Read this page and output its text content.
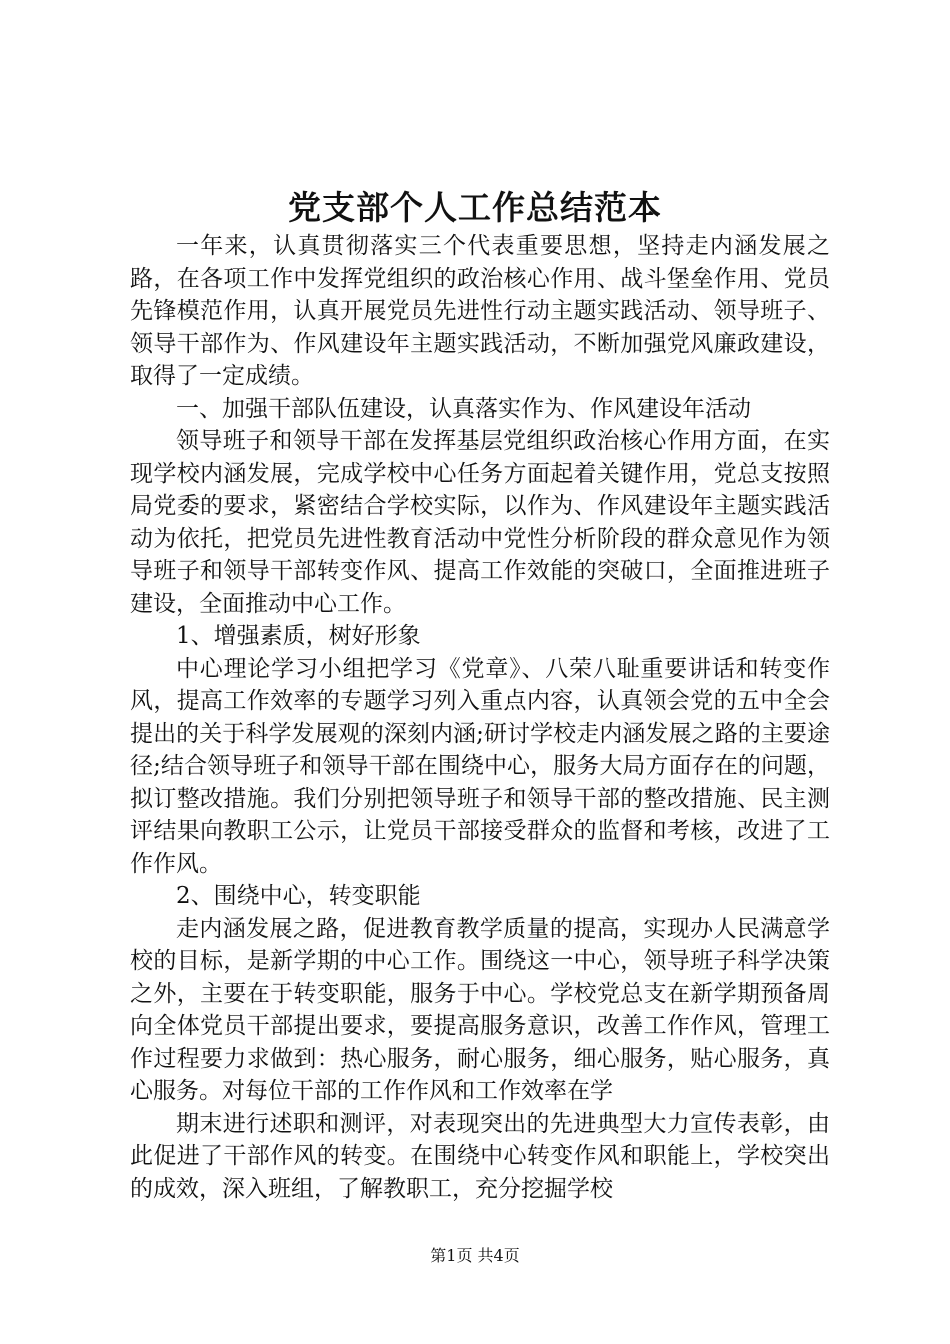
党支部个人工作总结范本

一年来，认真贯彻落实三个代表重要思想，坚持走内涵发展之路，在各项工作中发挥党组织的政治核心作用、战斗堡垒作用、党员先锋模范作用，认真开展党员先进性行动主题实践活动、领导班子、领导干部作为、作风建设年主题实践活动，不断加强党风廉政建设，取得了一定成绩。

一、加强干部队伍建设，认真落实作为、作风建设年活动

领导班子和领导干部在发挥基层党组织政治核心作用方面，在实现学校内涵发展，完成学校中心任务方面起着关键作用，党总支按照局党委的要求，紧密结合学校实际，以作为、作风建设年主题实践活动为依托，把党员先进性教育活动中党性分析阶段的群众意见作为领导班子和领导干部转变作风、提高工作效能的突破口，全面推进班子建设，全面推动中心工作。

1、增强素质，树好形象

中心理论学习小组把学习《党章》、八荣八耻重要讲话和转变作风，提高工作效率的专题学习列入重点内容，认真领会党的五中全会提出的关于科学发展观的深刻内涵;研讨学校走内涵发展之路的主要途径;结合领导班子和领导干部在围绕中心，服务大局方面存在的问题，拟订整改措施。我们分别把领导班子和领导干部的整改措施、民主测评结果向教职工公示，让党员干部接受群众的监督和考核，改进了工作作风。

2、围绕中心，转变职能

走内涵发展之路，促进教育教学质量的提高，实现办人民满意学校的目标，是新学期的中心工作。围绕这一中心，领导班子科学决策之外，主要在于转变职能，服务于中心。学校党总支在新学期预备周向全体党员干部提出要求，要提高服务意识，改善工作作风，管理工作过程要力求做到：热心服务，耐心服务，细心服务，贴心服务，真心服务。对每位干部的工作作风和工作效率在学

期末进行述职和测评，对表现突出的先进典型大力宣传表彰，由此促进了干部作风的转变。在围绕中心转变作风和职能上，学校突出的成效，深入班组，了解教职工，充分挖掘学校

第1页 共4页
